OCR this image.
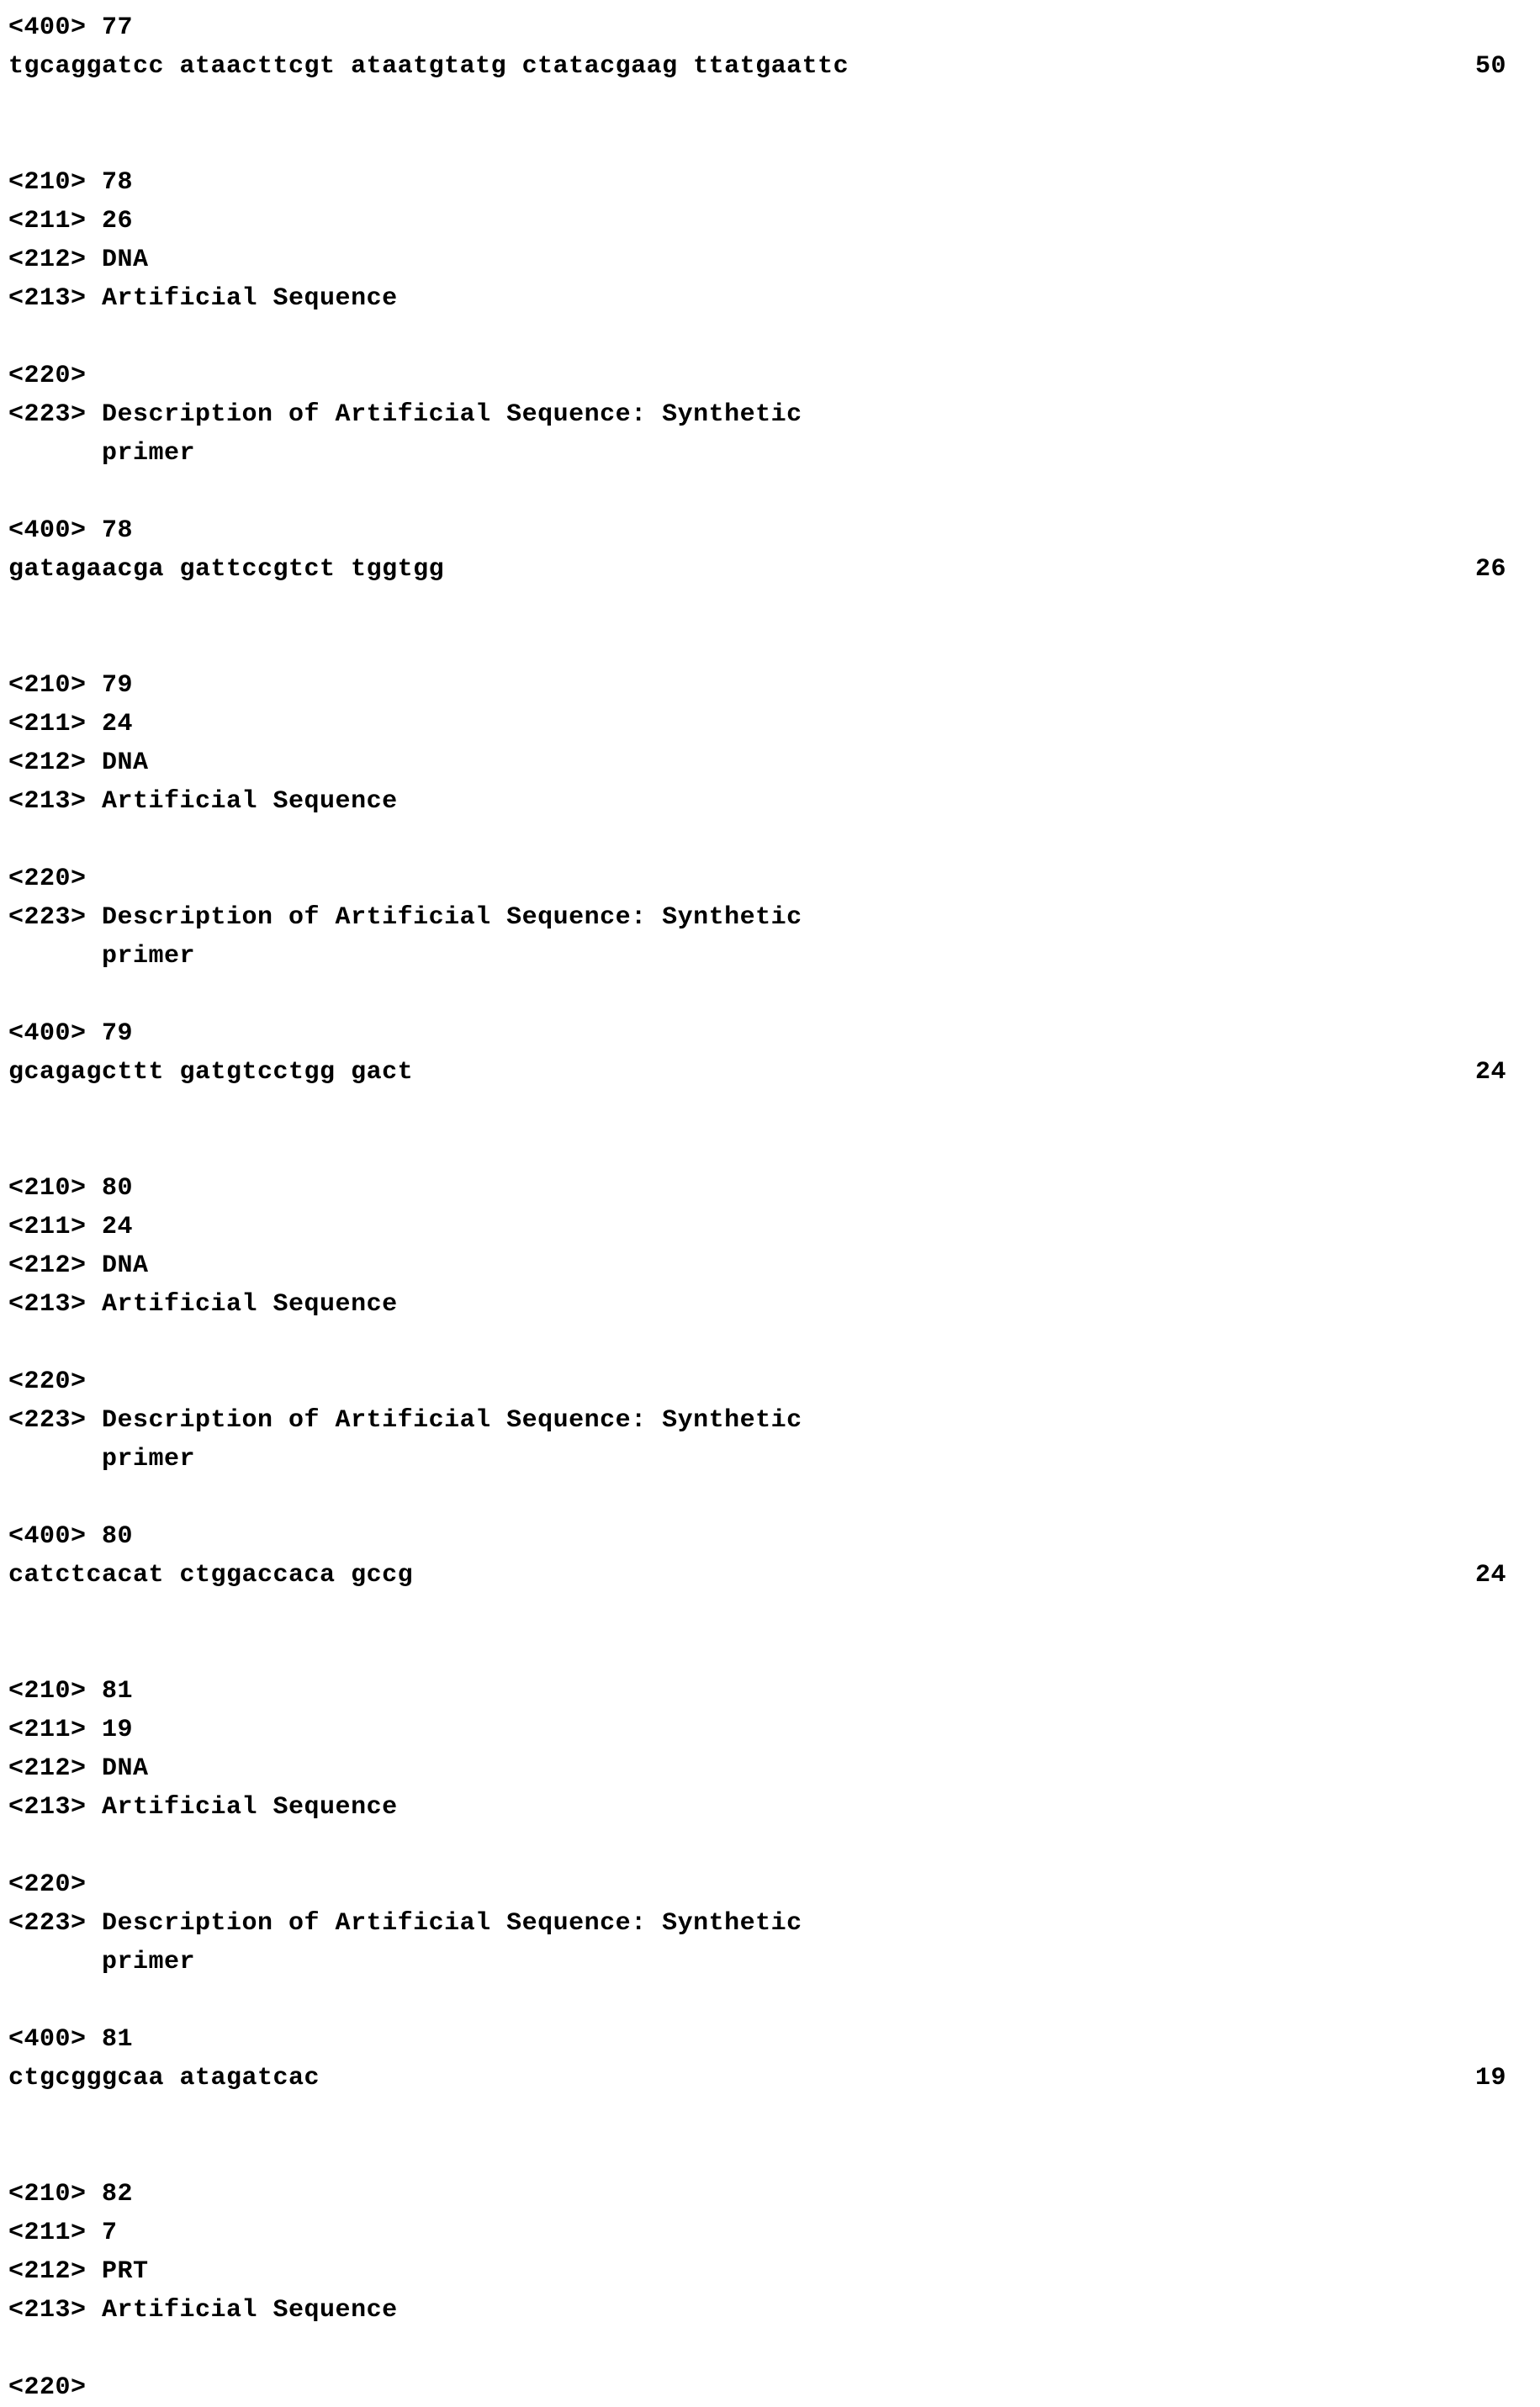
<400> 77
tgcaggatcc ataacttcgt ataatgtatg ctatacgaag ttatgaattc	50
<210> 78
<211> 26
<212> DNA
<213> Artificial Sequence
<220>
<223> Description of Artificial Sequence: Synthetic
primer
<400> 78
gatagaacga gattccgtct tggtgg	26
<210> 79
<211> 24
<212> DNA
<213> Artificial Sequence
<220>
<223> Description of Artificial Sequence: Synthetic
primer
<400> 79
gcagagcttt gatgtcctgg gact	24
<210> 80
<211> 24
<212> DNA
<213> Artificial Sequence
<220>
<223> Description of Artificial Sequence: Synthetic
primer
<400> 80
catctcacat ctggaccaca gccg	24
<210> 81
<211> 19
<212> DNA
<213> Artificial Sequence
<220>
<223> Description of Artificial Sequence: Synthetic
primer
<400> 81
ctgcgggcaa atagatcac	19
<210> 82
<211> 7
<212> PRT
<213> Artificial Sequence
<220>
